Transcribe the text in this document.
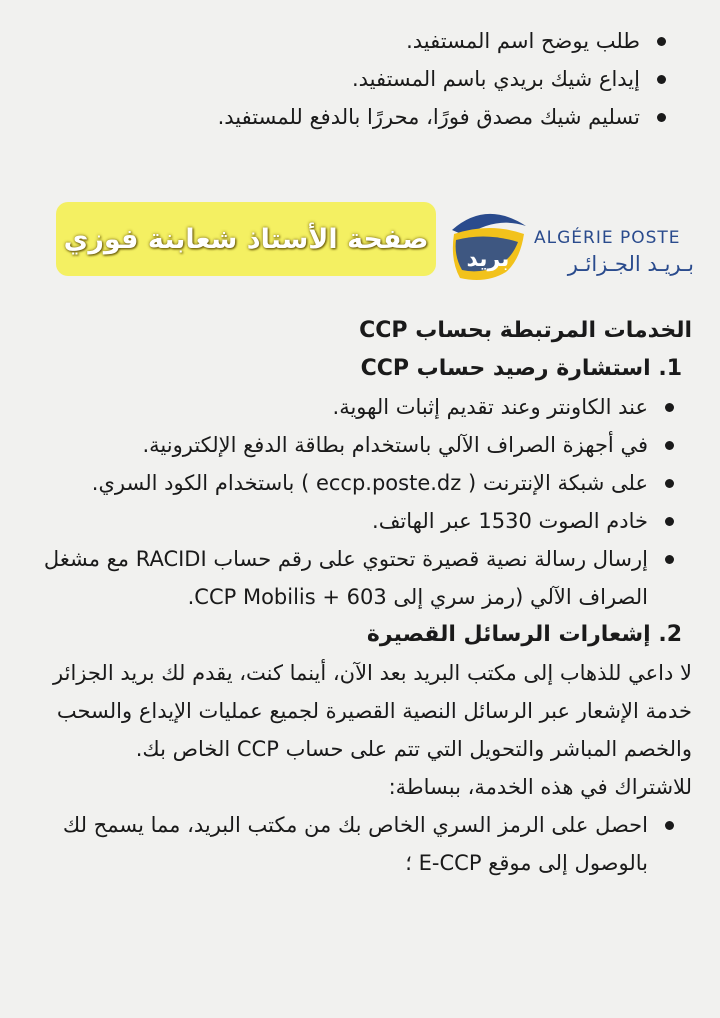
طلب يوضح اسم المستفيد.
إيداع شيك بريدي باسم المستفيد.
تسليم شيك مصدق فورًا، محررًا بالدفع للمستفيد.
صفحة الأستاذ شعابنة فوزي
بريد
ALGÉRIE POSTE
بـريـد الجـزائـر
الخدمات المرتبطة بحساب CCP
1. استشارة رصيد حساب CCP
عند الكاونتر وعند تقديم إثبات الهوية.
في أجهزة الصراف الآلي باستخدام بطاقة الدفع الإلكترونية.
على شبكة الإنترنت ( eccp.poste.dz ) باستخدام الكود السري.
خادم الصوت 1530 عبر الهاتف.
إرسال رسالة نصية قصيرة تحتوي على رقم حساب RACIDI مع مشغل الصراف الآلي (رمز سري إلى 603 + CCP Mobilis.
2. إشعارات الرسائل القصيرة

لا داعي للذهاب إلى مكتب البريد بعد الآن، أينما كنت، يقدم لك بريد الجزائر خدمة الإشعار عبر الرسائل النصية القصيرة لجميع عمليات الإيداع والسحب والخصم المباشر والتحويل التي تتم على حساب CCP الخاص بك.

للاشتراك في هذه الخدمة، ببساطة:

احصل على الرمز السري الخاص بك من مكتب البريد، مما يسمح لك بالوصول إلى موقع E-CCP ؛
